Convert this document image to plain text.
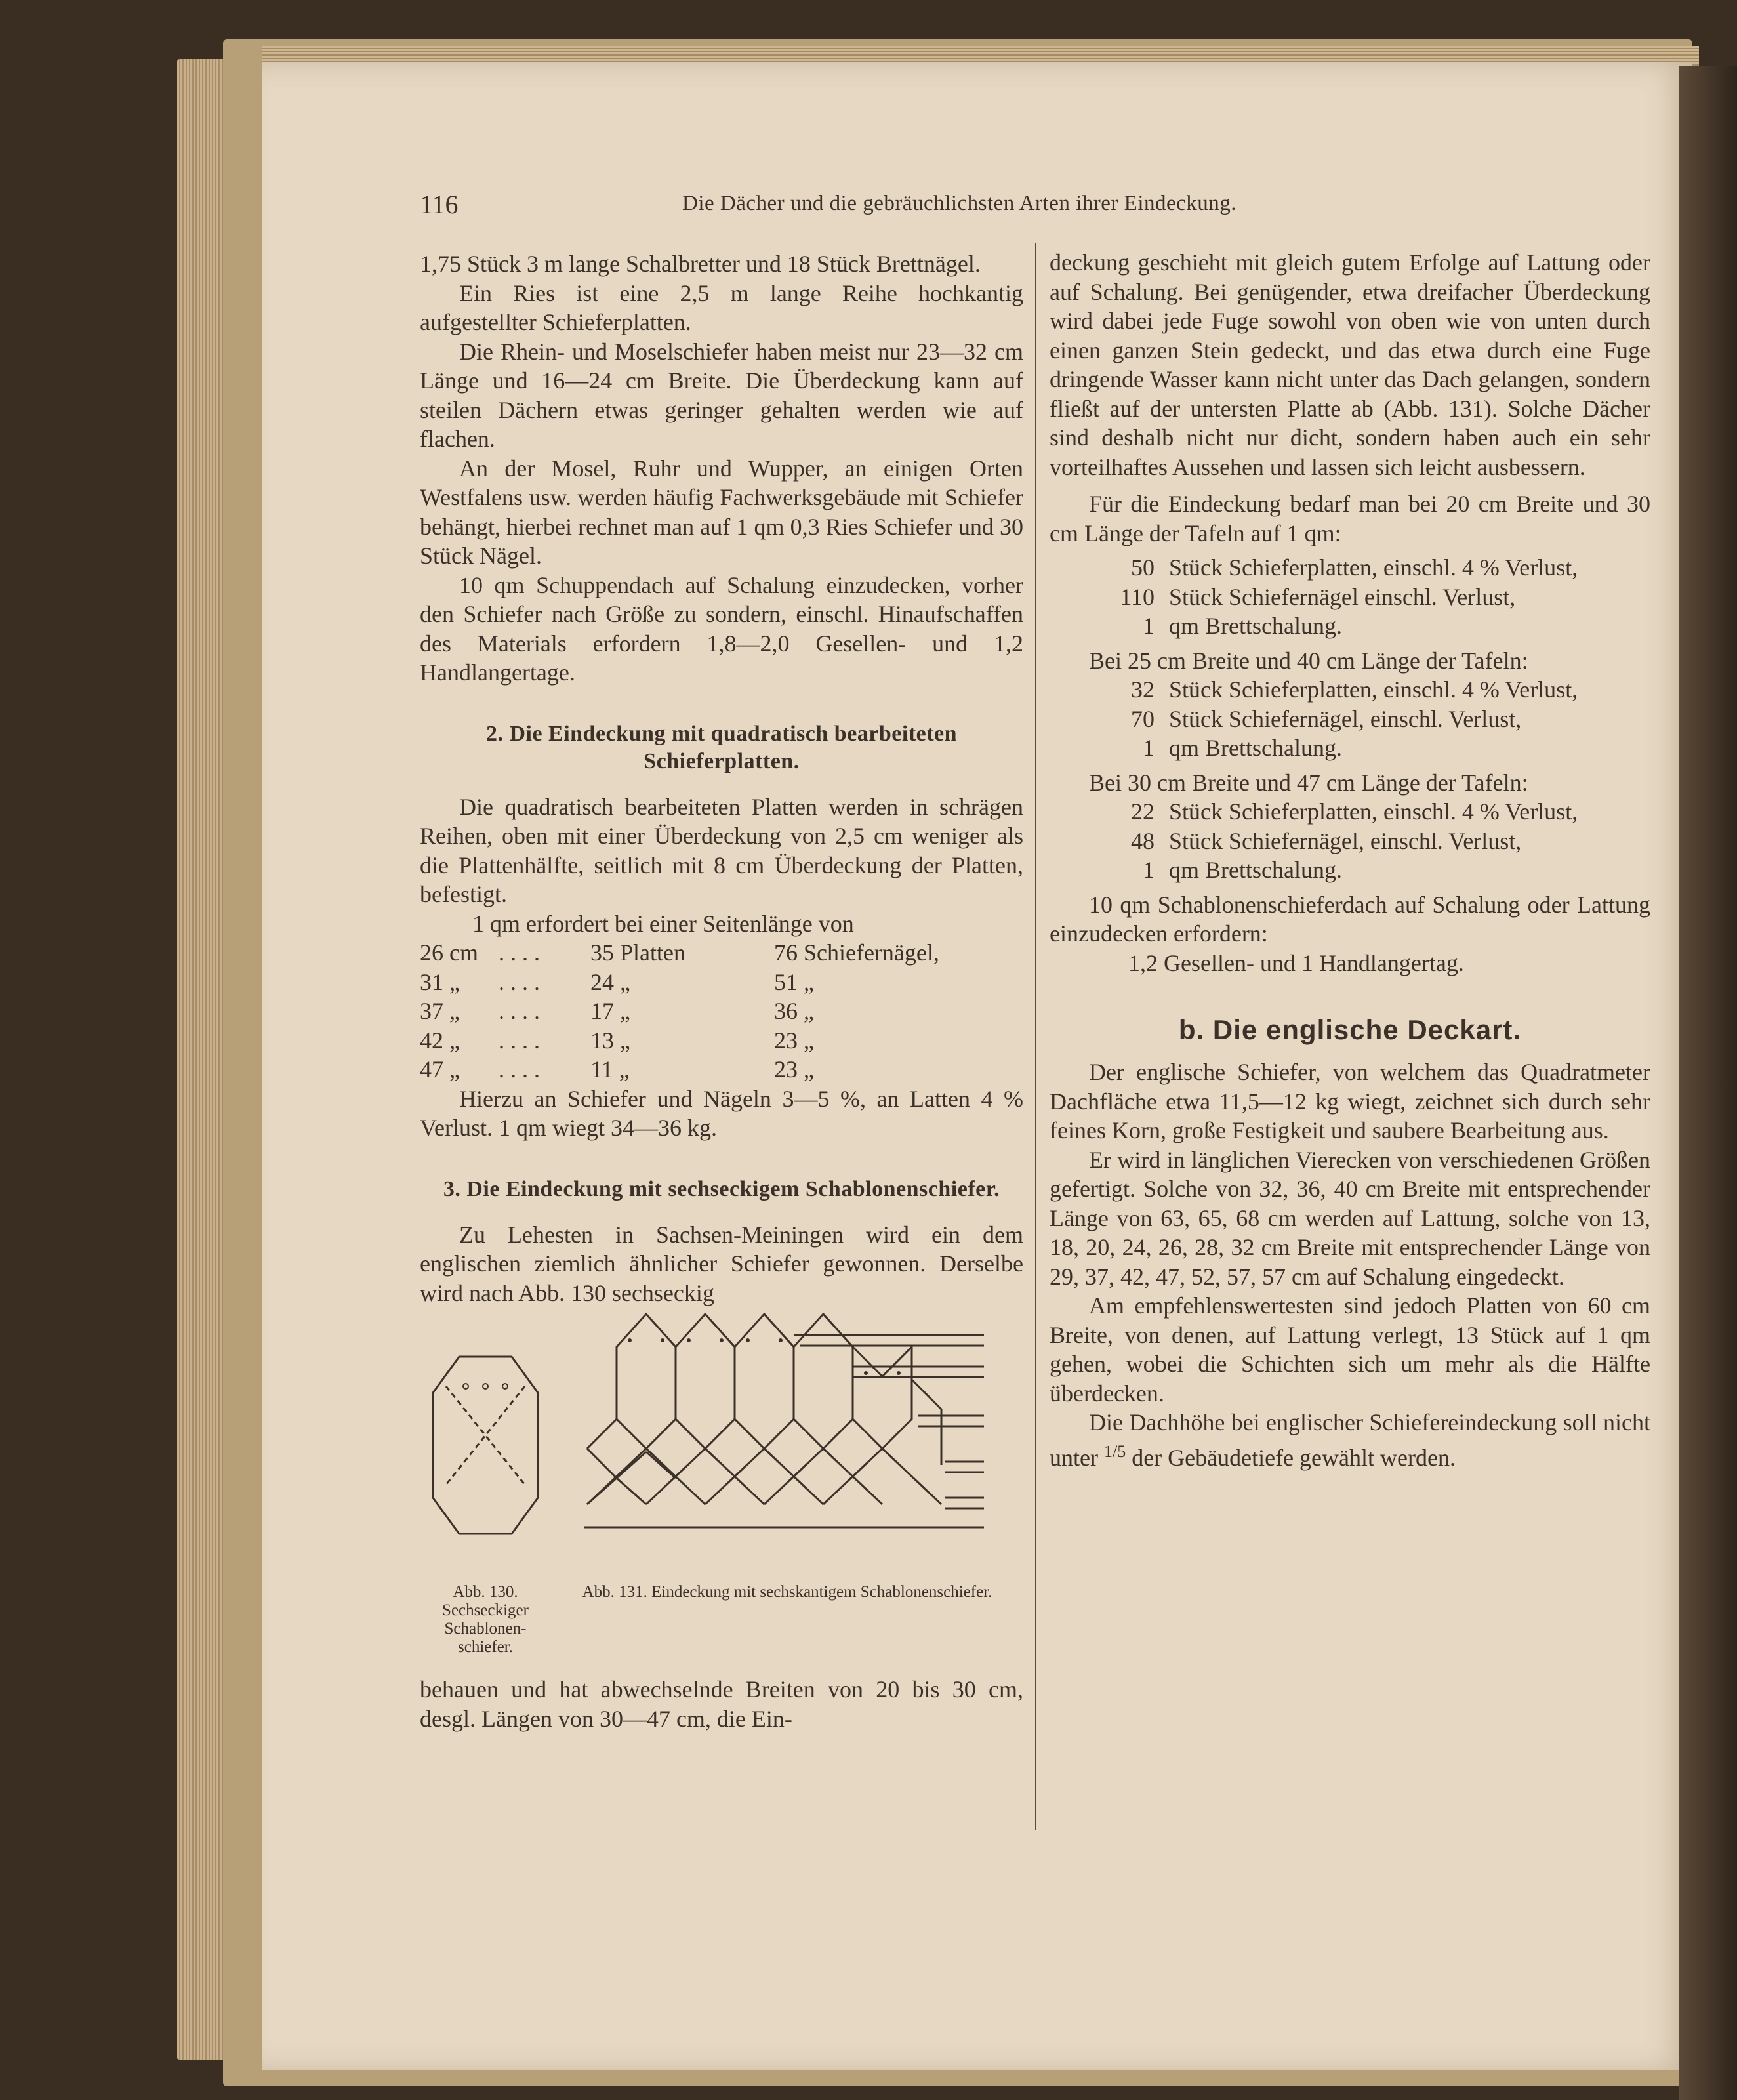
116	Die Dächer und die gebräuchlichsten Arten ihrer Eindeckung.

1,75 Stück 3 m lange Schalbretter und 18 Stück Brettnägel.

Ein Ries ist eine 2,5 m lange Reihe hochkantig aufgestellter Schieferplatten.

Die Rhein- und Moselschiefer haben meist nur 23—32 cm Länge und 16—24 cm Breite. Die Überdeckung kann auf steilen Dächern etwas geringer gehalten werden wie auf flachen.

An der Mosel, Ruhr und Wupper, an einigen Orten Westfalens usw. werden häufig Fachwerksgebäude mit Schiefer behängt, hierbei rechnet man auf 1 qm 0,3 Ries Schiefer und 30 Stück Nägel.

10 qm Schuppendach auf Schalung einzudecken, vorher den Schiefer nach Größe zu sondern, einschl. Hinaufschaffen des Materials erfordern 1,8—2,0 Gesellen- und 1,2 Handlangertage.

2. Die Eindeckung mit quadratisch bearbeiteten Schieferplatten.

Die quadratisch bearbeiteten Platten werden in schrägen Reihen, oben mit einer Überdeckung von 2,5 cm weniger als die Plattenhälfte, seitlich mit 8 cm Überdeckung der Platten, befestigt.

1 qm erfordert bei einer Seitenlänge von

26 cm	. . . .	35 Platten	76 Schiefernägel,
31 „	. . . .	24 „	51 „
37 „	. . . .	17 „	36 „
42 „	. . . .	13 „	23 „
47 „	. . . .	11 „	23 „

Hierzu an Schiefer und Nägeln 3—5 %, an Latten 4 % Verlust. 1 qm wiegt 34—36 kg.

3. Die Eindeckung mit sechseckigem Schablonenschiefer.

Zu Lehesten in Sachsen-Meiningen wird ein dem englischen ziemlich ähnlicher Schiefer gewonnen. Derselbe wird nach Abb. 130 sechseckig

Abb. 130. Sechseckiger Schablonen-schiefer.
Abb. 131. Eindeckung mit sechskantigem Schablonenschiefer.

behauen und hat abwechselnde Breiten von 20 bis 30 cm, desgl. Längen von 30—47 cm, die Ein-

deckung geschieht mit gleich gutem Erfolge auf Lattung oder auf Schalung. Bei genügender, etwa dreifacher Überdeckung wird dabei jede Fuge sowohl von oben wie von unten durch einen ganzen Stein gedeckt, und das etwa durch eine Fuge dringende Wasser kann nicht unter das Dach gelangen, sondern fließt auf der untersten Platte ab (Abb. 131). Solche Dächer sind deshalb nicht nur dicht, sondern haben auch ein sehr vorteilhaftes Aussehen und lassen sich leicht ausbessern.

Für die Eindeckung bedarf man bei 20 cm Breite und 30 cm Länge der Tafeln auf 1 qm:

50 Stück Schieferplatten, einschl. 4 % Verlust,
110 Stück Schiefernägel einschl. Verlust,
1 qm Brettschalung.

Bei 25 cm Breite und 40 cm Länge der Tafeln:

32 Stück Schieferplatten, einschl. 4 % Verlust,
70 Stück Schiefernägel, einschl. Verlust,
1 qm Brettschalung.

Bei 30 cm Breite und 47 cm Länge der Tafeln:

22 Stück Schieferplatten, einschl. 4 % Verlust,
48 Stück Schiefernägel, einschl. Verlust,
1 qm Brettschalung.

10 qm Schablonenschieferdach auf Schalung oder Lattung einzudecken erfordern:

1,2 Gesellen- und 1 Handlangertag.

b. Die englische Deckart.

Der englische Schiefer, von welchem das Quadratmeter Dachfläche etwa 11,5—12 kg wiegt, zeichnet sich durch sehr feines Korn, große Festigkeit und saubere Bearbeitung aus.

Er wird in länglichen Vierecken von verschiedenen Größen gefertigt. Solche von 32, 36, 40 cm Breite mit entsprechender Länge von 63, 65, 68 cm werden auf Lattung, solche von 13, 18, 20, 24, 26, 28, 32 cm Breite mit entsprechender Länge von 29, 37, 42, 47, 52, 57, 57 cm auf Schalung eingedeckt.

Am empfehlenswertesten sind jedoch Platten von 60 cm Breite, von denen, auf Lattung verlegt, 13 Stück auf 1 qm gehen, wobei die Schichten sich um mehr als die Hälfte überdecken.

Die Dachhöhe bei englischer Schiefereindeckung soll nicht unter $^{1/5}$ der Gebäudetiefe gewählt werden.
